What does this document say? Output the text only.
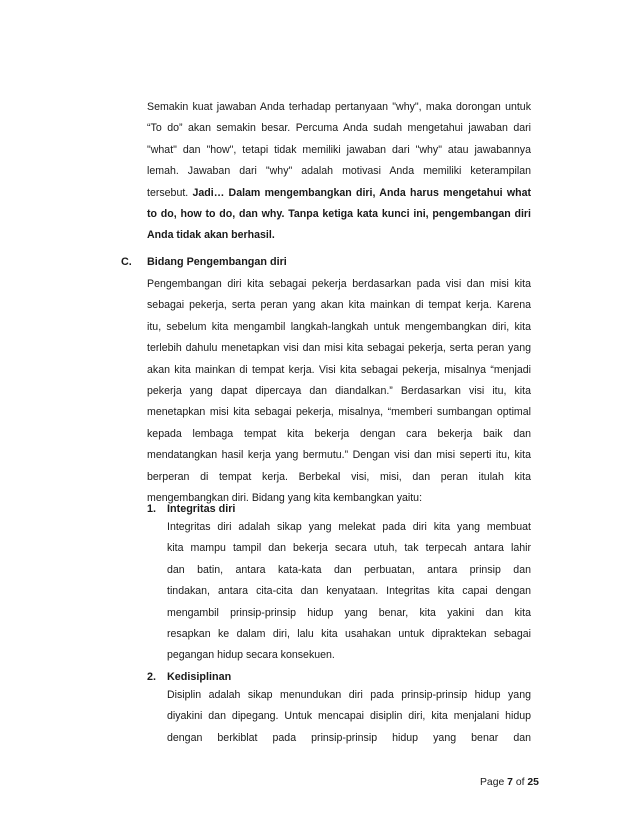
Semakin kuat jawaban Anda terhadap pertanyaan "why", maka dorongan untuk
“To do” akan semakin besar. Percuma Anda sudah mengetahui jawaban dari
"what" dan "how", tetapi tidak memiliki jawaban dari "why" atau jawabannya
lemah. Jawaban dari "why" adalah motivasi Anda memiliki keterampilan
tersebut. Jadi… Dalam mengembangkan diri, Anda harus mengetahui what
to do, how to do, dan why. Tanpa ketiga kata kunci ini, pengembangan diri
Anda tidak akan berhasil.
C. Bidang Pengembangan diri
Pengembangan diri kita sebagai pekerja berdasarkan pada visi dan misi kita
sebagai pekerja, serta peran yang akan kita mainkan di tempat kerja. Karena
itu, sebelum kita mengambil langkah-langkah untuk mengembangkan diri, kita
terlebih dahulu menetapkan visi dan misi kita sebagai pekerja, serta peran yang
akan kita mainkan di tempat kerja. Visi kita sebagai pekerja, misalnya “menjadi
pekerja yang dapat dipercaya dan diandalkan.” Berdasarkan visi itu, kita
menetapkan misi kita sebagai pekerja, misalnya, “memberi sumbangan optimal
kepada lembaga tempat kita bekerja dengan cara bekerja baik dan
mendatangkan hasil kerja yang bermutu.” Dengan visi dan misi seperti itu, kita
berperan di tempat kerja. Berbekal visi, misi, dan peran itulah kita
mengembangkan diri. Bidang yang kita kembangkan yaitu:
1. Integritas diri
Integritas diri adalah sikap yang melekat pada diri kita yang membuat
kita mampu tampil dan bekerja secara utuh, tak terpecah antara lahir
dan batin, antara kata-kata dan perbuatan, antara prinsip dan
tindakan, antara cita-cita dan kenyataan. Integritas kita capai dengan
mengambil prinsip-prinsip hidup yang benar, kita yakini dan kita
resapkan ke dalam diri, lalu kita usahakan untuk dipraktekan sebagai
pegangan hidup secara konsekuen.
2. Kedisiplinan
Disiplin adalah sikap menundukan diri pada prinsip-prinsip hidup yang
diyakini dan dipegang. Untuk mencapai disiplin diri, kita menjalani hidup
dengan berkiblat pada prinsip-prinsip hidup yang benar dan
Page 7 of 25
